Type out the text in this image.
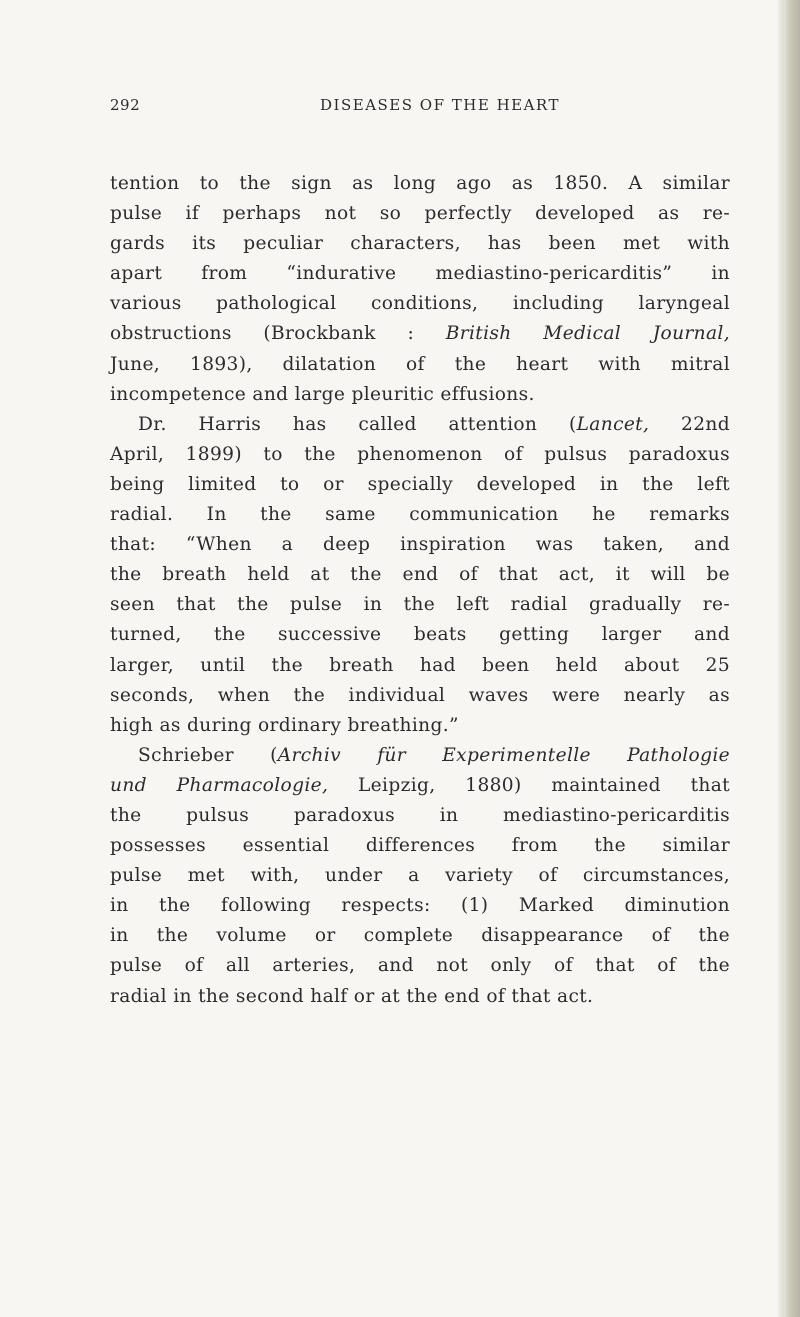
292	DISEASES OF THE HEART
tention to the sign as long ago as 1850. A similar
pulse if perhaps not so perfectly developed as re-
gards its peculiar characters, has been met with
apart from “indurative mediastino-pericarditis” in
various pathological conditions, including laryngeal
obstructions (Brockbank : British Medical Journal,
June, 1893), dilatation of the heart with mitral
incompetence and large pleuritic effusions.
Dr. Harris has called attention (Lancet, 22nd
April, 1899) to the phenomenon of pulsus paradoxus
being limited to or specially developed in the left
radial. In the same communication he remarks
that: “When a deep inspiration was taken, and
the breath held at the end of that act, it will be
seen that the pulse in the left radial gradually re-
turned, the successive beats getting larger and
larger, until the breath had been held about 25
seconds, when the individual waves were nearly as
high as during ordinary breathing.”
Schrieber (Archiv für Experimentelle Pathologie
und Pharmacologie, Leipzig, 1880) maintained that
the pulsus paradoxus in mediastino-pericarditis
possesses essential differences from the similar
pulse met with, under a variety of circumstances,
in the following respects: (1) Marked diminution
in the volume or complete disappearance of the
pulse of all arteries, and not only of that of the
radial in the second half or at the end of that act.
